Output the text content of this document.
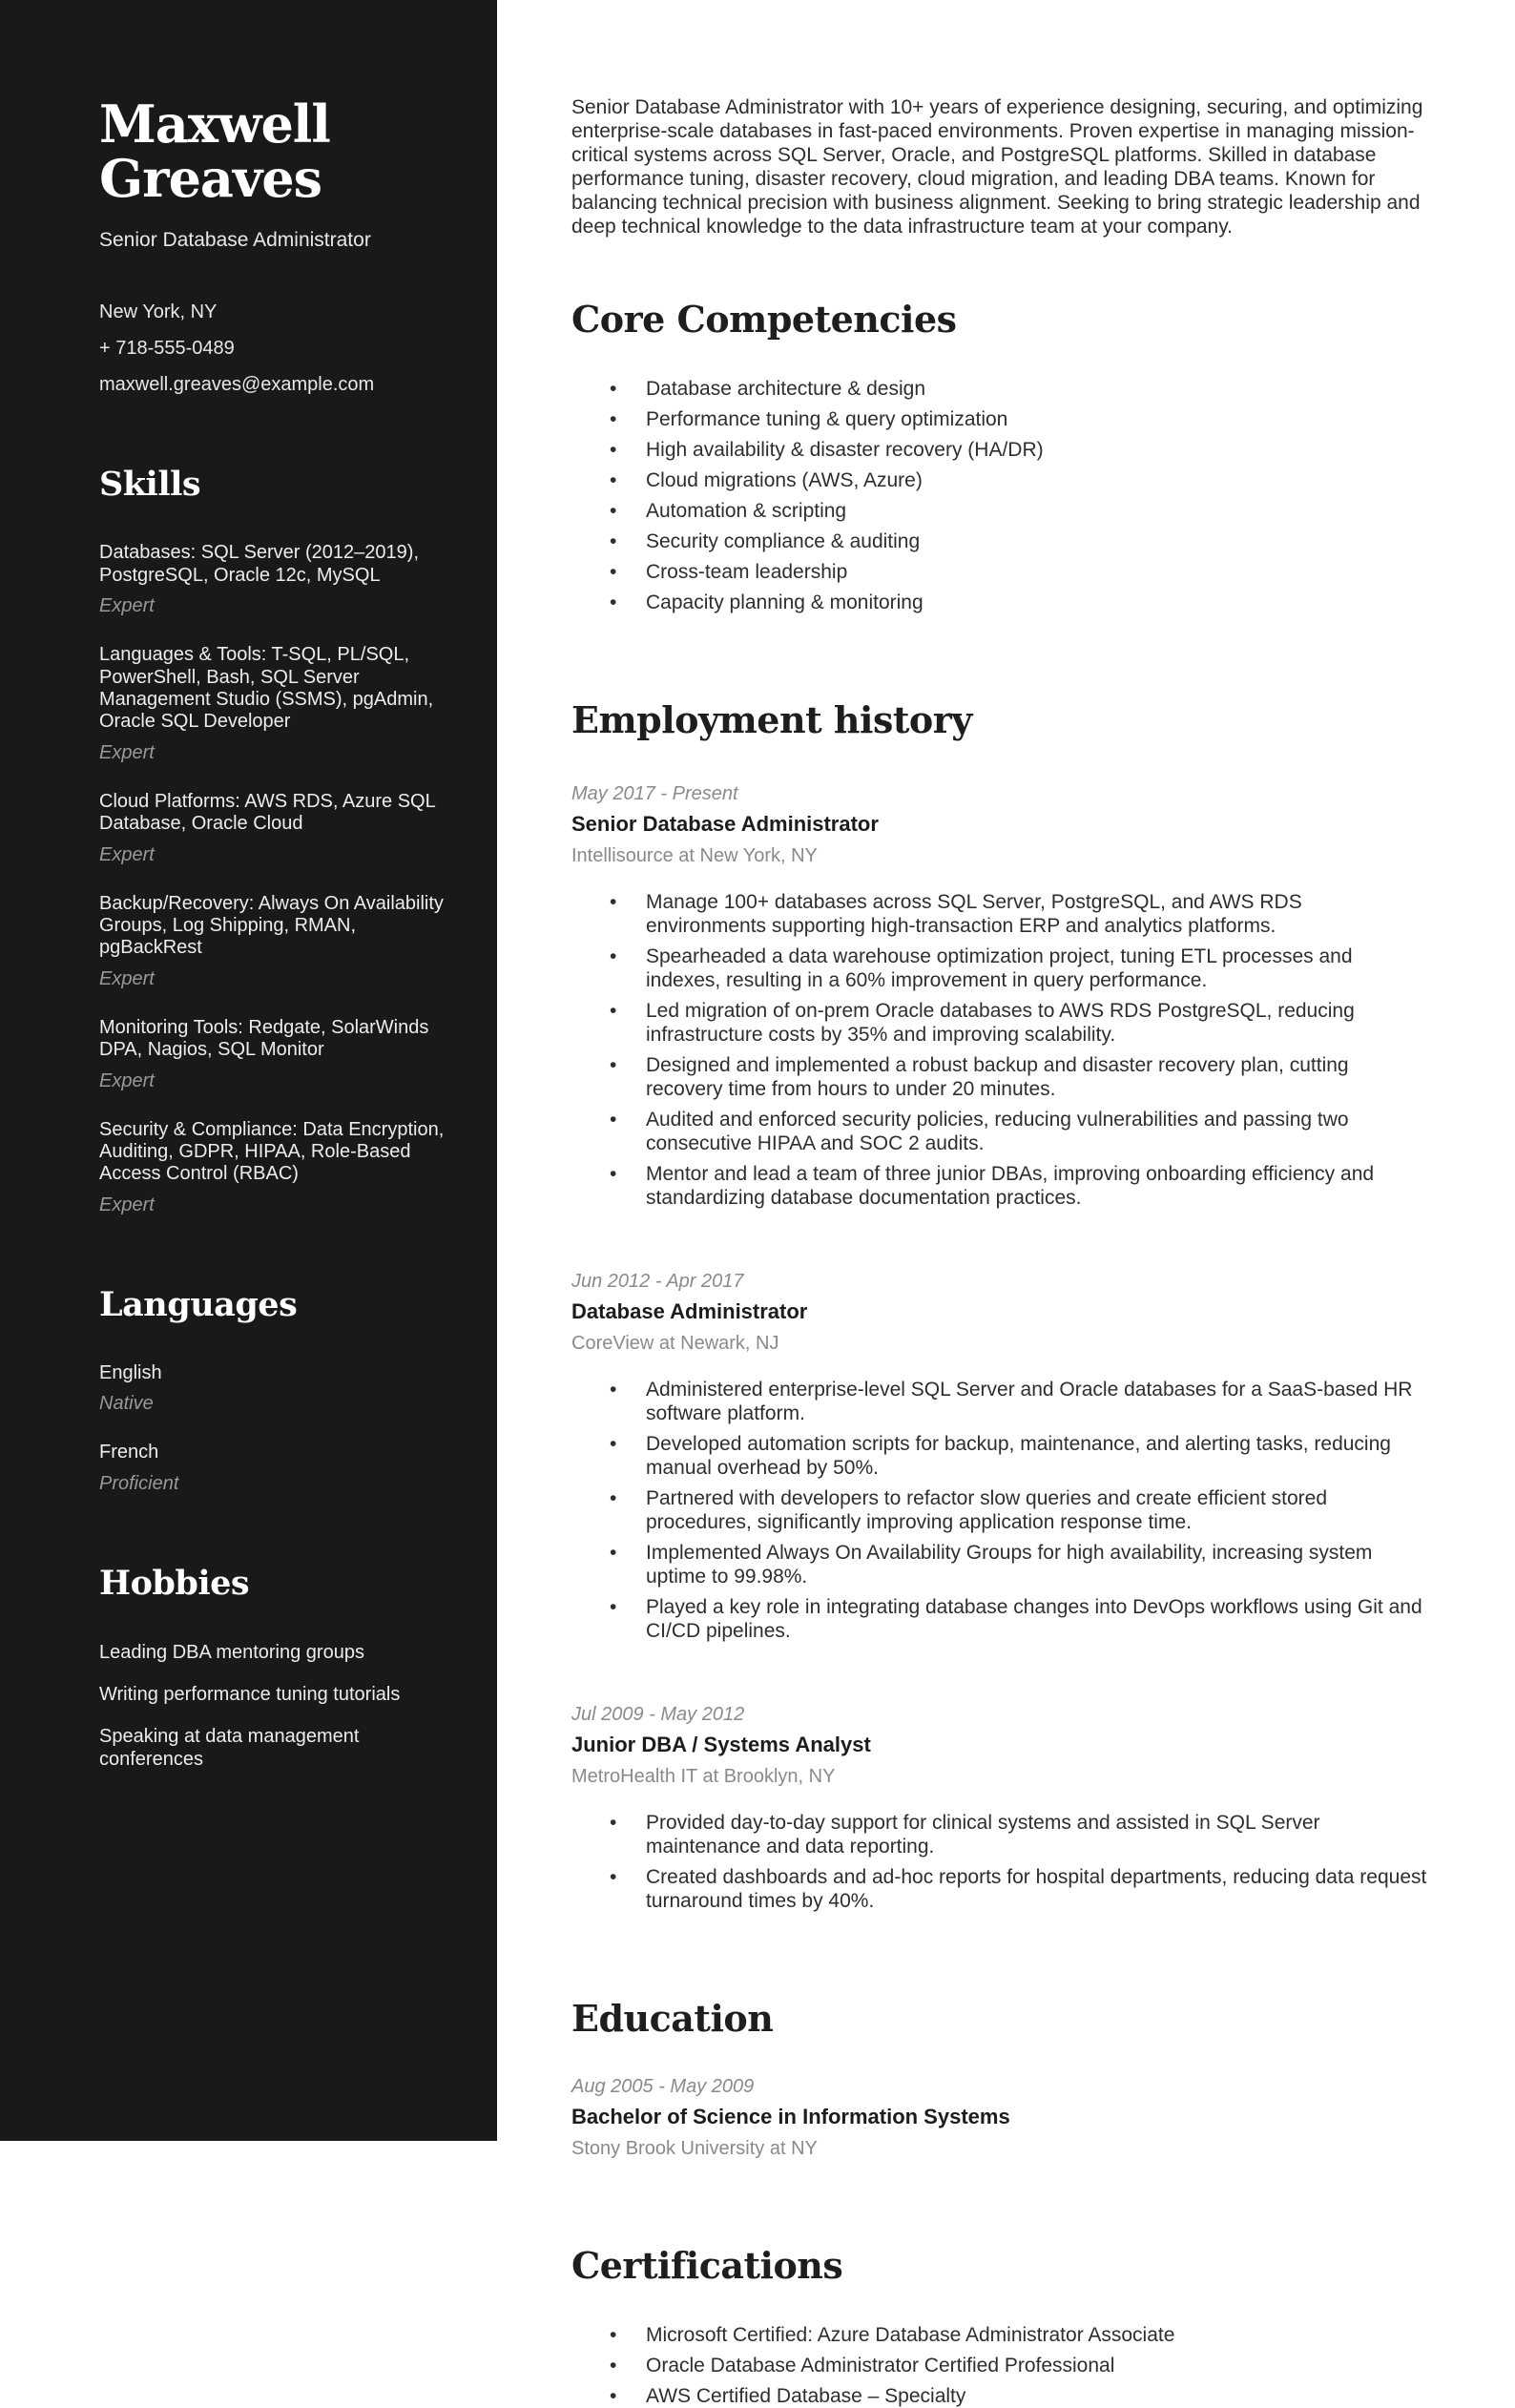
Maxwell Greaves
Senior Database Administrator
New York, NY
+ 718-555-0489
maxwell.greaves@example.com
Skills
Databases: SQL Server (2012–2019), PostgreSQL, Oracle 12c, MySQL
Expert
Languages & Tools: T-SQL, PL/SQL, PowerShell, Bash, SQL Server Management Studio (SSMS), pgAdmin, Oracle SQL Developer
Expert
Cloud Platforms: AWS RDS, Azure SQL Database, Oracle Cloud
Expert
Backup/Recovery: Always On Availability Groups, Log Shipping, RMAN, pgBackRest
Expert
Monitoring Tools: Redgate, SolarWinds DPA, Nagios, SQL Monitor
Expert
Security & Compliance: Data Encryption, Auditing, GDPR, HIPAA, Role-Based Access Control (RBAC)
Expert
Languages
English
Native
French
Proficient
Hobbies
Leading DBA mentoring groups
Writing performance tuning tutorials
Speaking at data management conferences

Senior Database Administrator with 10+ years of experience designing, securing, and optimizing enterprise-scale databases in fast-paced environments. Proven expertise in managing mission-critical systems across SQL Server, Oracle, and PostgreSQL platforms. Skilled in database performance tuning, disaster recovery, cloud migration, and leading DBA teams. Known for balancing technical precision with business alignment. Seeking to bring strategic leadership and deep technical knowledge to the data infrastructure team at your company.

Core Competencies
• Database architecture & design
• Performance tuning & query optimization
• High availability & disaster recovery (HA/DR)
• Cloud migrations (AWS, Azure)
• Automation & scripting
• Security compliance & auditing
• Cross-team leadership
• Capacity planning & monitoring
Employment history
May 2017 - Present
Senior Database Administrator
Intellisource at New York, NY
• Manage 100+ databases across SQL Server, PostgreSQL, and AWS RDS environments supporting high-transaction ERP and analytics platforms.
• Spearheaded a data warehouse optimization project, tuning ETL processes and indexes, resulting in a 60% improvement in query performance.
• Led migration of on-prem Oracle databases to AWS RDS PostgreSQL, reducing infrastructure costs by 35% and improving scalability.
• Designed and implemented a robust backup and disaster recovery plan, cutting recovery time from hours to under 20 minutes.
• Audited and enforced security policies, reducing vulnerabilities and passing two consecutive HIPAA and SOC 2 audits.
• Mentor and lead a team of three junior DBAs, improving onboarding efficiency and standardizing database documentation practices.
Jun 2012 - Apr 2017
Database Administrator
CoreView at Newark, NJ
• Administered enterprise-level SQL Server and Oracle databases for a SaaS-based HR software platform.
• Developed automation scripts for backup, maintenance, and alerting tasks, reducing manual overhead by 50%.
• Partnered with developers to refactor slow queries and create efficient stored procedures, significantly improving application response time.
• Implemented Always On Availability Groups for high availability, increasing system uptime to 99.98%.
• Played a key role in integrating database changes into DevOps workflows using Git and CI/CD pipelines.
Jul 2009 - May 2012
Junior DBA / Systems Analyst
MetroHealth IT at Brooklyn, NY
• Provided day-to-day support for clinical systems and assisted in SQL Server maintenance and data reporting.
• Created dashboards and ad-hoc reports for hospital departments, reducing data request turnaround times by 40%.
Education
Aug 2005 - May 2009
Bachelor of Science in Information Systems
Stony Brook University at NY
Certifications
• Microsoft Certified: Azure Database Administrator Associate
• Oracle Database Administrator Certified Professional
• AWS Certified Database – Specialty
